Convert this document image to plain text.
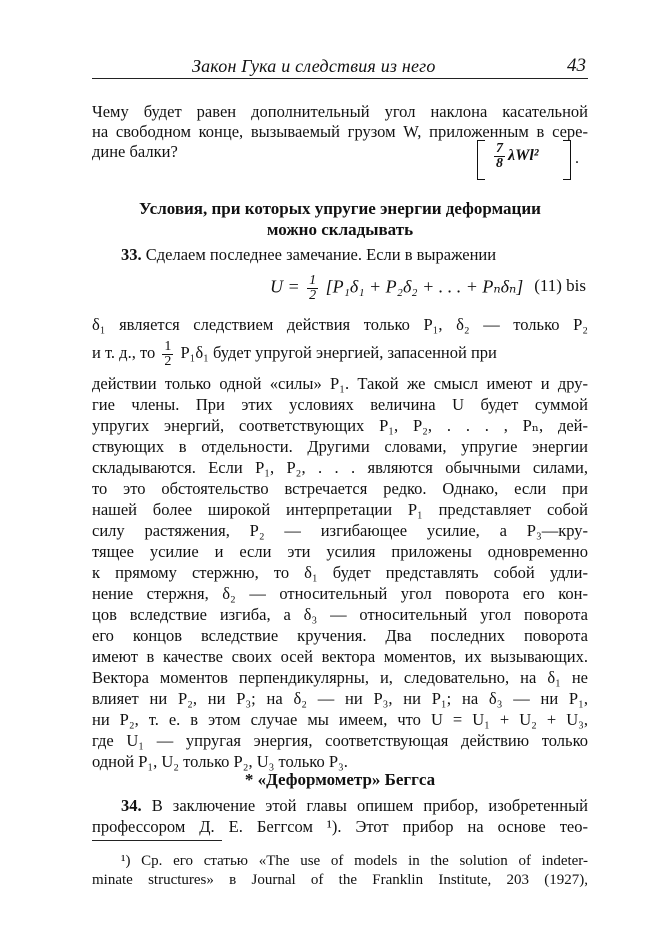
Закон Гука и следствия из него	43
Чему будет равен дополнительный угол наклона касательной
на свободном конце, вызываемый грузом W, приложенным в сере-
дине балки?	$\frac{7}{8} \lambda Wl^2$ .
Условия, при которых упругие энергии деформации
можно складывать
33. Сделаем последнее замечание. Если в выражении
$U = \frac{1}{2} [P_1\delta_1 + P_2\delta_2$ + . . . + Pₙδₙ] (11) bis
δ₁ является следствием действия только P₁, δ₂ — только P₂
и т. д., то $\frac{1}{2} P_1\delta_1$ будет упругой энергией, запасенной при
действии только одной «силы» P₁. Такой же смысл имеют и дру-
гие члены. При этих условиях величина U будет суммой
упругих энергий, соответствующих P₁, P₂, . . . , Pₙ, дей-
ствующих в отдельности. Другими словами, упругие энергии
складываются. Если P₁, P₂, . . . являются обычными силами,
то это обстоятельство встречается редко. Однако, если при
нашей более широкой интерпретации P₁ представляет собой
силу растяжения, P₂ — изгибающее усилие, а P₃—кру-
тящее усилие и если эти усилия приложены одновременно
к прямому стержню, то δ₁ будет представлять собой удли-
нение стержня, δ₂ — относительный угол поворота его кон-
цов вследствие изгиба, а δ₃ — относительный угол поворота
его концов вследствие кручения. Два последних поворота
имеют в качестве своих осей вектора моментов, их вызывающих.
Вектора моментов перпендикулярны, и, следовательно, на δ₁ не
влияет ни P₂, ни P₃; на δ₂ — ни P₃, ни P₁; на δ₃ — ни P₁,
ни P₂, т. е. в этом случае мы имеем, что U = U₁ + U₂ + U₃,
где U₁ — упругая энергия, соответствующая действию только
одной P₁, U₂ только P₂, U₃ только P₃.
* «Деформометр» Беггса
34. В заключение этой главы опишем прибор, изобретенный
профессором Д. Е. Беггсом ¹). Этот прибор на основе тео-
¹) Ср. его статью «The use of models in the solution of indeter-
minate structures» в Journal of the Franklin Institute, 203 (1927),
